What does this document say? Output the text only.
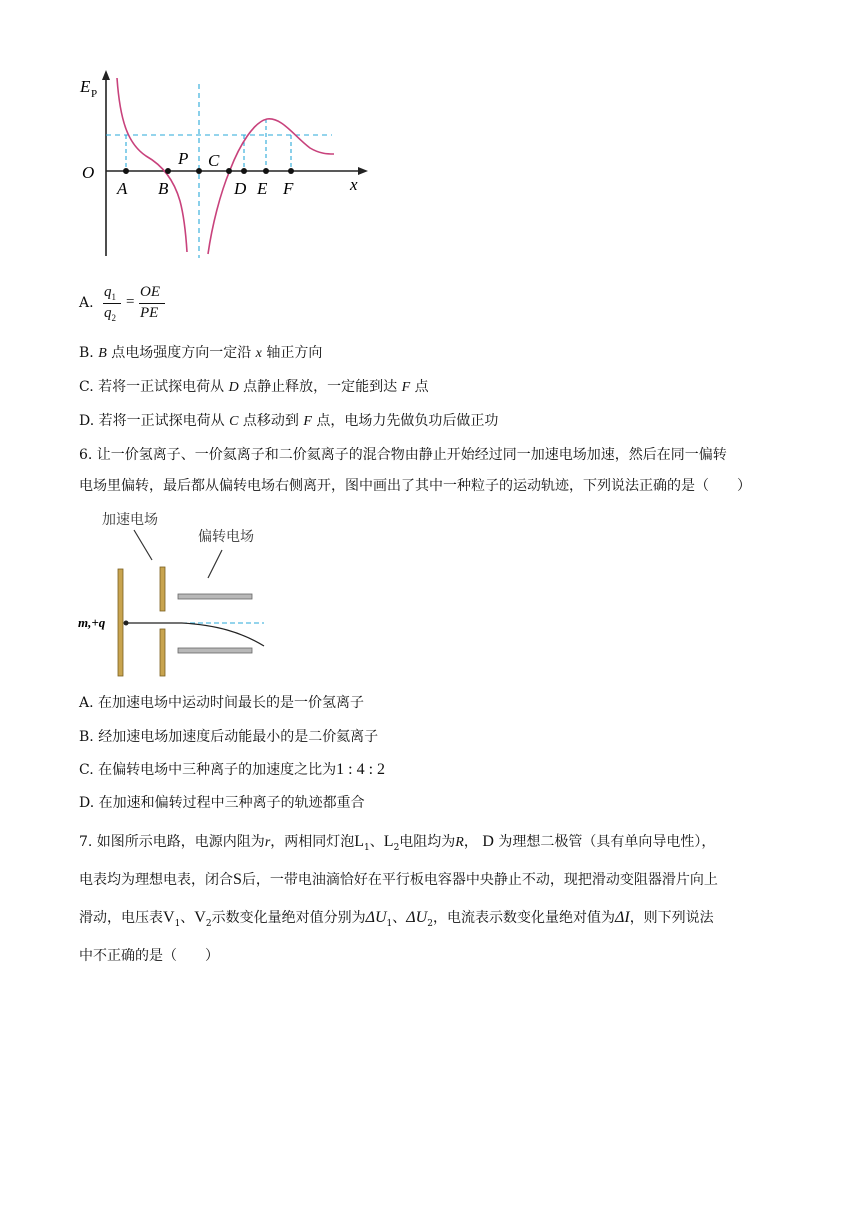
E P
x
O
A B
P C
D E F
A.
$q_1$
$q_2$
=
OE
PE
B. B 点电场强度方向一定沿 x 轴正方向
C. 若将一正试探电荷从 D 点静止释放，一定能到达 F 点
D. 若将一正试探电荷从 C 点移动到 F 点，电场力先做负功后做正功
6. 让一价氢离子、一价氦离子和二价氦离子的混合物由静止开始经过同一加速电场加速，然后在同一偏转
电场里偏转，最后都从偏转电场右侧离开，图中画出了其中一种粒子的运动轨迹，下列说法正确的是（　　）
加速电场
偏转电场
m,+q
A. 在加速电场中运动时间最长的是一价氢离子
B. 经加速电场加速度后动能最小的是二价氦离子
C. 在偏转电场中三种离子的加速度之比为1 : 4 : 2
D. 在加速和偏转过程中三种离子的轨迹都重合
7. 如图所示电路，电源内阻为r，两相同灯泡$L_1$、$L_2$电阻均为R， D 为理想二极管（具有单向导电性），
电表均为理想电表，闭合S后，一带电油滴恰好在平行板电容器中央静止不动，现把滑动变阻器滑片向上
滑动，电压表$V_1$、$V_2$示数变化量绝对值分别为$\Delta U_1$、$\Delta U_2$，电流表示数变化量绝对值为ΔI，则下列说法
中不正确的是（　　）
